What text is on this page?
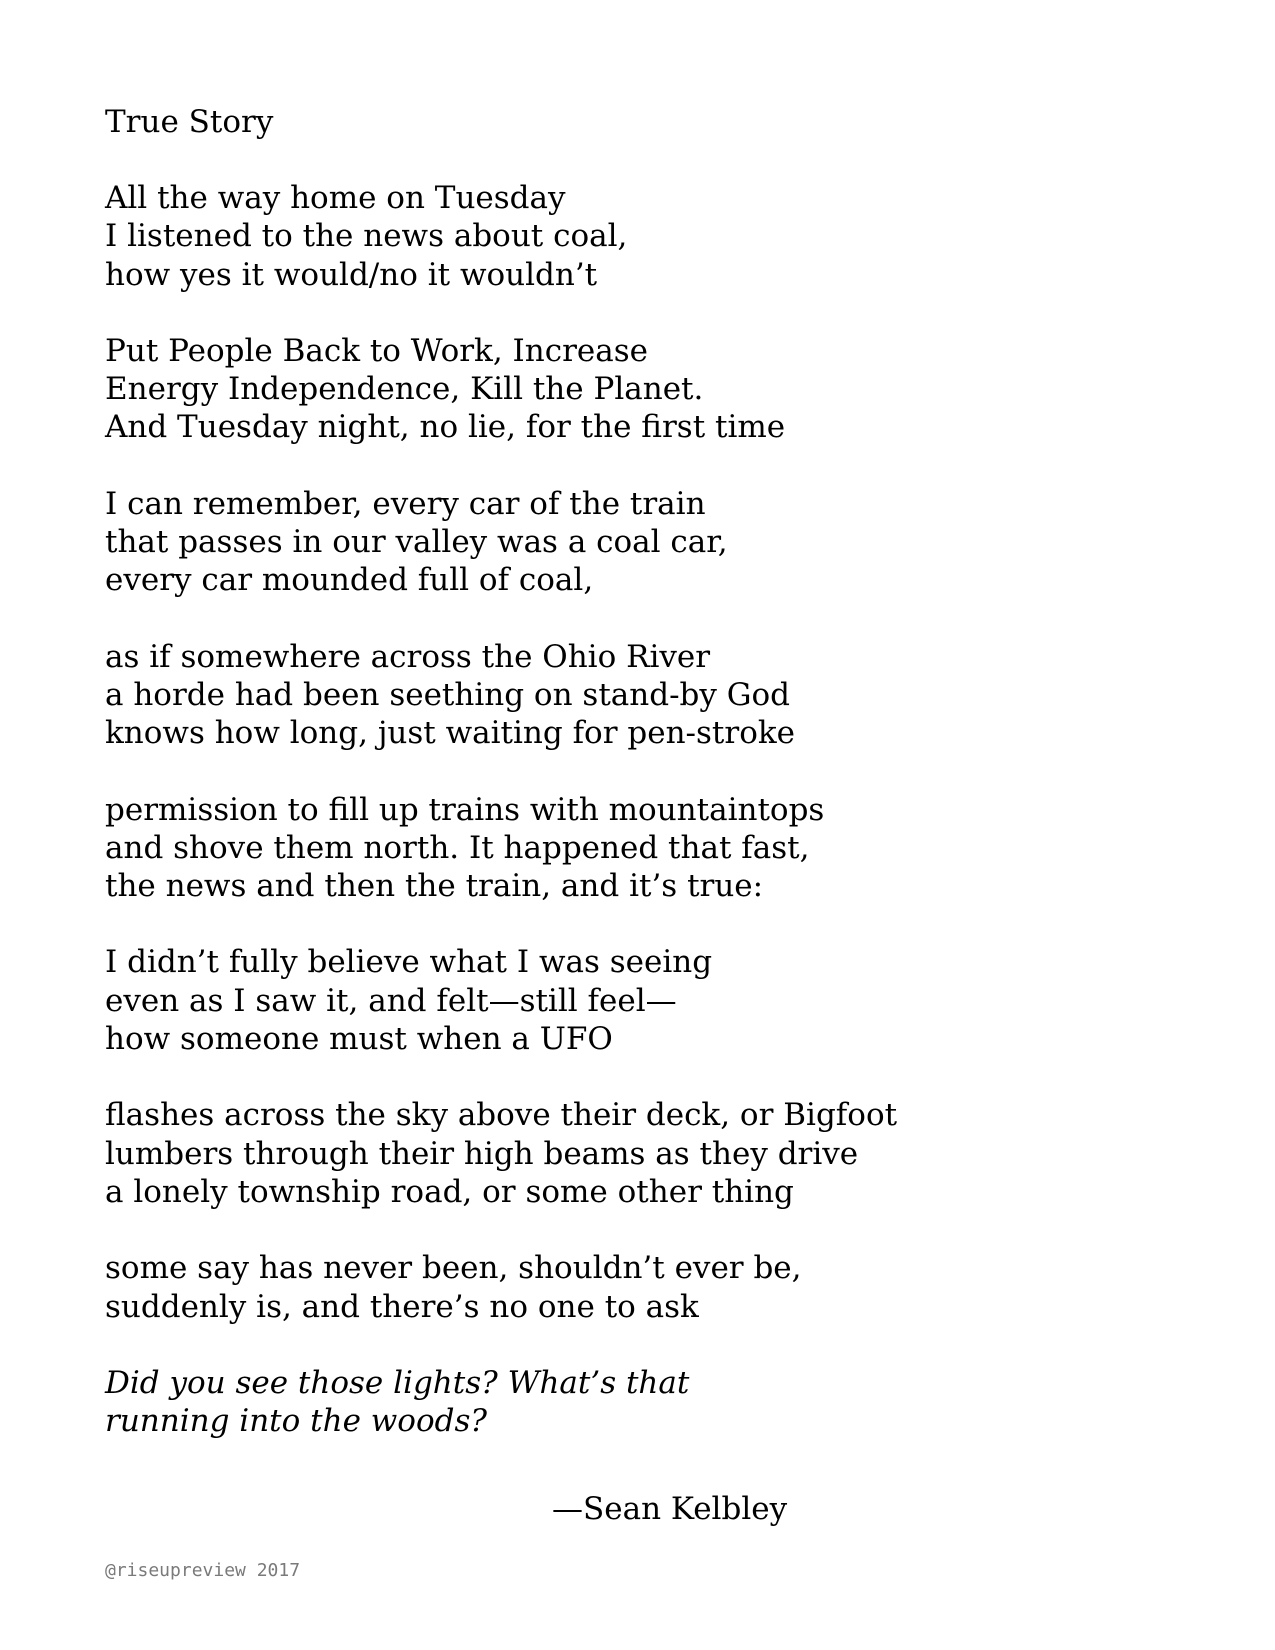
True Story
All the way home on Tuesday
I listened to the news about coal,
how yes it would/no it wouldn’t
Put People Back to Work, Increase
Energy Independence, Kill the Planet.
And Tuesday night, no lie, for the first time
I can remember, every car of the train
that passes in our valley was a coal car,
every car mounded full of coal,
as if somewhere across the Ohio River
a horde had been seething on stand-by God
knows how long, just waiting for pen-stroke
permission to fill up trains with mountaintops
and shove them north. It happened that fast,
the news and then the train, and it’s true:
I didn’t fully believe what I was seeing
even as I saw it, and felt—still feel—
how someone must when a UFO
flashes across the sky above their deck, or Bigfoot
lumbers through their high beams as they drive
a lonely township road, or some other thing
some say has never been, shouldn’t ever be,
suddenly is, and there’s no one to ask
Did you see those lights? What’s that
running into the woods?
—Sean Kelbley
@riseupreview 2017
